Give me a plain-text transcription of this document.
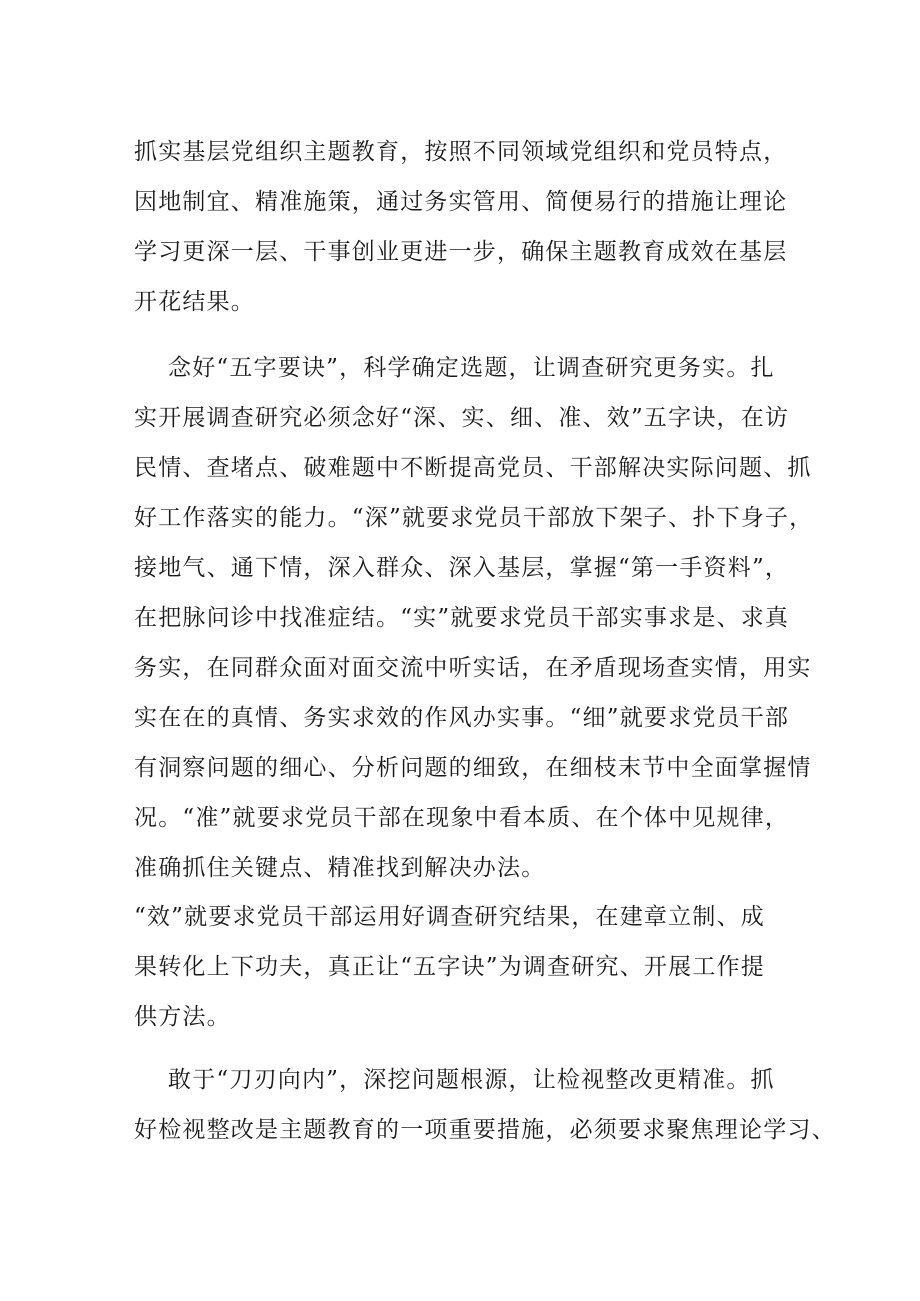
抓实基层党组织主题教育，按照不同领域党组织和党员特点，
因地制宜、精准施策，通过务实管用、简便易行的措施让理论
学习更深一层、干事创业更进一步，确保主题教育成效在基层
开花结果。
念好“五字要诀”，科学确定选题，让调查研究更务实。扎
实开展调查研究必须念好“深、实、细、准、效”五字诀，在访
民情、查堵点、破难题中不断提高党员、干部解决实际问题、抓
好工作落实的能力。“深”就要求党员干部放下架子、扑下身子，
接地气、通下情，深入群众、深入基层，掌握“第一手资料”，
在把脉问诊中找准症结。“实”就要求党员干部实事求是、求真
务实，在同群众面对面交流中听实话，在矛盾现场查实情，用实
实在在的真情、务实求效的作风办实事。“细”就要求党员干部
有洞察问题的细心、分析问题的细致，在细枝末节中全面掌握情
况。“准”就要求党员干部在现象中看本质、在个体中见规律，
准确抓住关键点、精准找到解决办法。
“效”就要求党员干部运用好调查研究结果，在建章立制、成
果转化上下功夫，真正让“五字诀”为调查研究、开展工作提
供方法。
敢于“刀刃向内”，深挖问题根源，让检视整改更精准。抓
好检视整改是主题教育的一项重要措施，必须要求聚焦理论学习、
